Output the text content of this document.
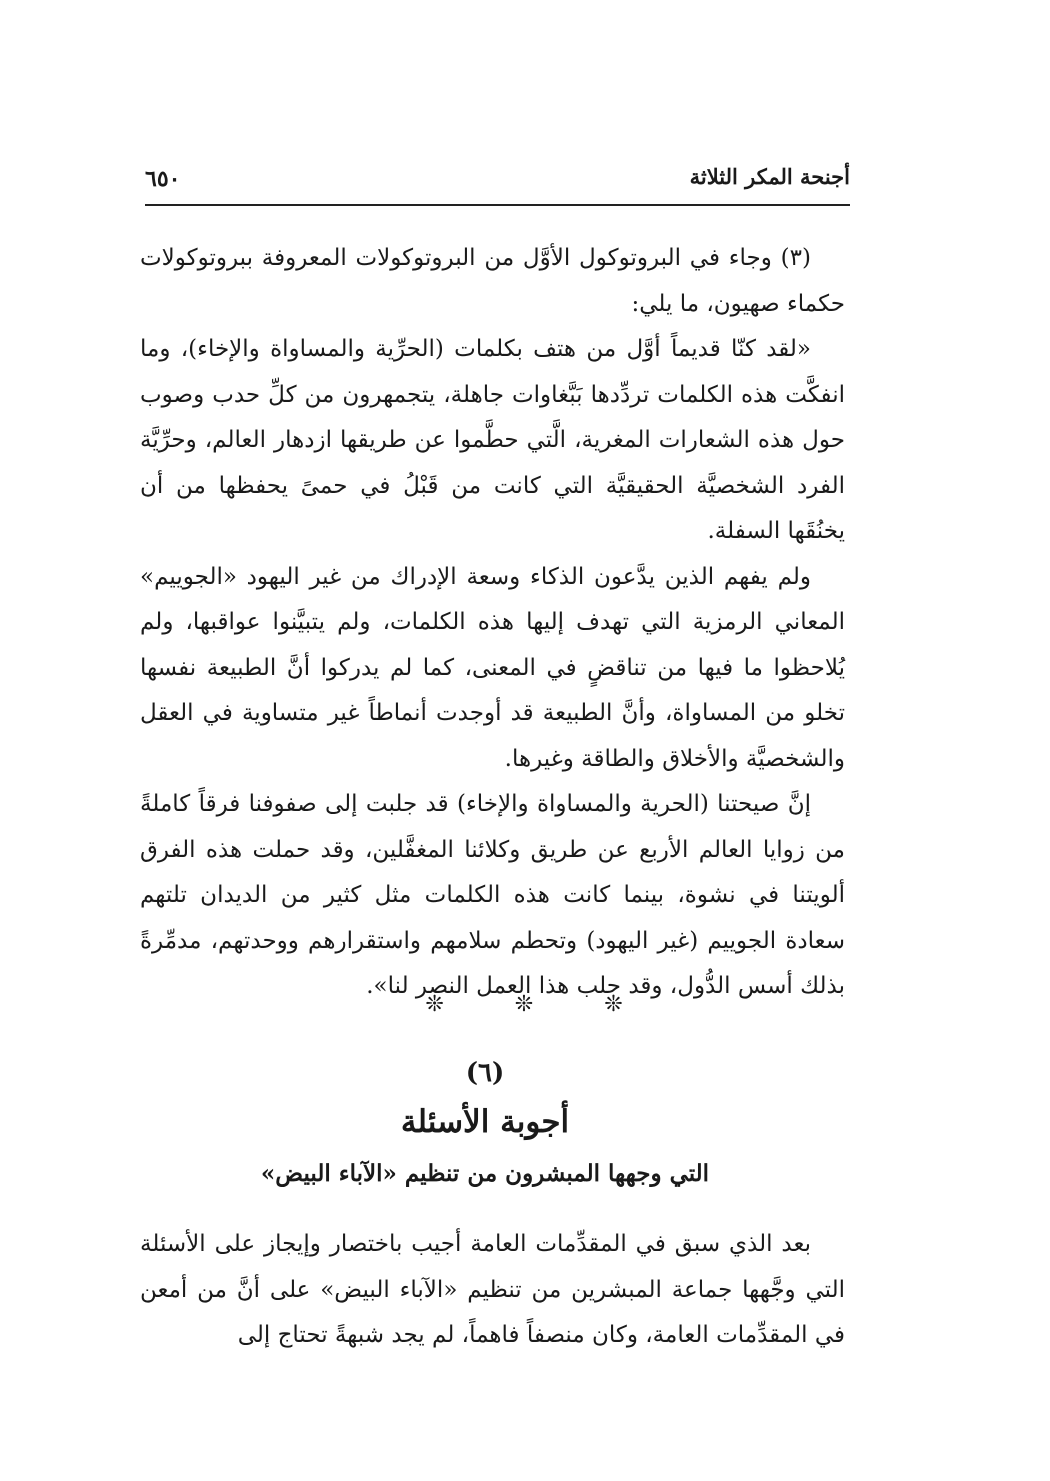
أجنحة المكر الثلاثة
٦٥٠

(٣) وجاء في البروتوكول الأوَّل من البروتوكولات المعروفة ببروتوكولات حكماء صهيون، ما يلي:

«لقد كنّا قديماً أوَّل من هتف بكلمات (الحرِّية والمساواة والإخاء)، وما انفكَّت هذه الكلمات تردِّدها بَبَّغاوات جاهلة، يتجمهرون من كلِّ حدب وصوب حول هذه الشعارات المغرية، الَّتي حطَّموا عن طريقها ازدهار العالم، وحرِّيَّة الفرد الشخصيَّة الحقيقيَّة التي كانت من قَبْلُ في حمىً يحفظها من أن يخنُقَها السفلة.

ولم يفهم الذين يدَّعون الذكاء وسعة الإدراك من غير اليهود «الجوييم» المعاني الرمزية التي تهدف إليها هذه الكلمات، ولم يتبيَّنوا عواقبها، ولم يُلاحظوا ما فيها من تناقضٍ في المعنى، كما لم يدركوا أنَّ الطبيعة نفسها تخلو من المساواة، وأنَّ الطبيعة قد أوجدت أنماطاً غير متساوية في العقل والشخصيَّة والأخلاق والطاقة وغيرها.

إنَّ صيحتنا (الحرية والمساواة والإخاء) قد جلبت إلى صفوفنا فرقاً كاملةً من زوايا العالم الأربع عن طريق وكلائنا المغفَّلين، وقد حملت هذه الفرق ألويتنا في نشوة، بينما كانت هذه الكلمات مثل كثير من الديدان تلتهم سعادة الجوييم (غير اليهود) وتحطم سلامهم واستقرارهم ووحدتهم، مدمِّرةً بذلك أسس الدُّول، وقد جلب هذا العمل النصر لنا».

❊	❊	❊
(٦)
أجوبة الأسئلة
التي وجهها المبشرون من تنظيم «الآباء البيض»

بعد الذي سبق في المقدِّمات العامة أجيب باختصار وإيجاز على الأسئلة التي وجَّهها جماعة المبشرين من تنظيم «الآباء البيض» على أنَّ من أمعن في المقدِّمات العامة، وكان منصفاً فاهماً، لم يجد شبهةً تحتاج إلى
